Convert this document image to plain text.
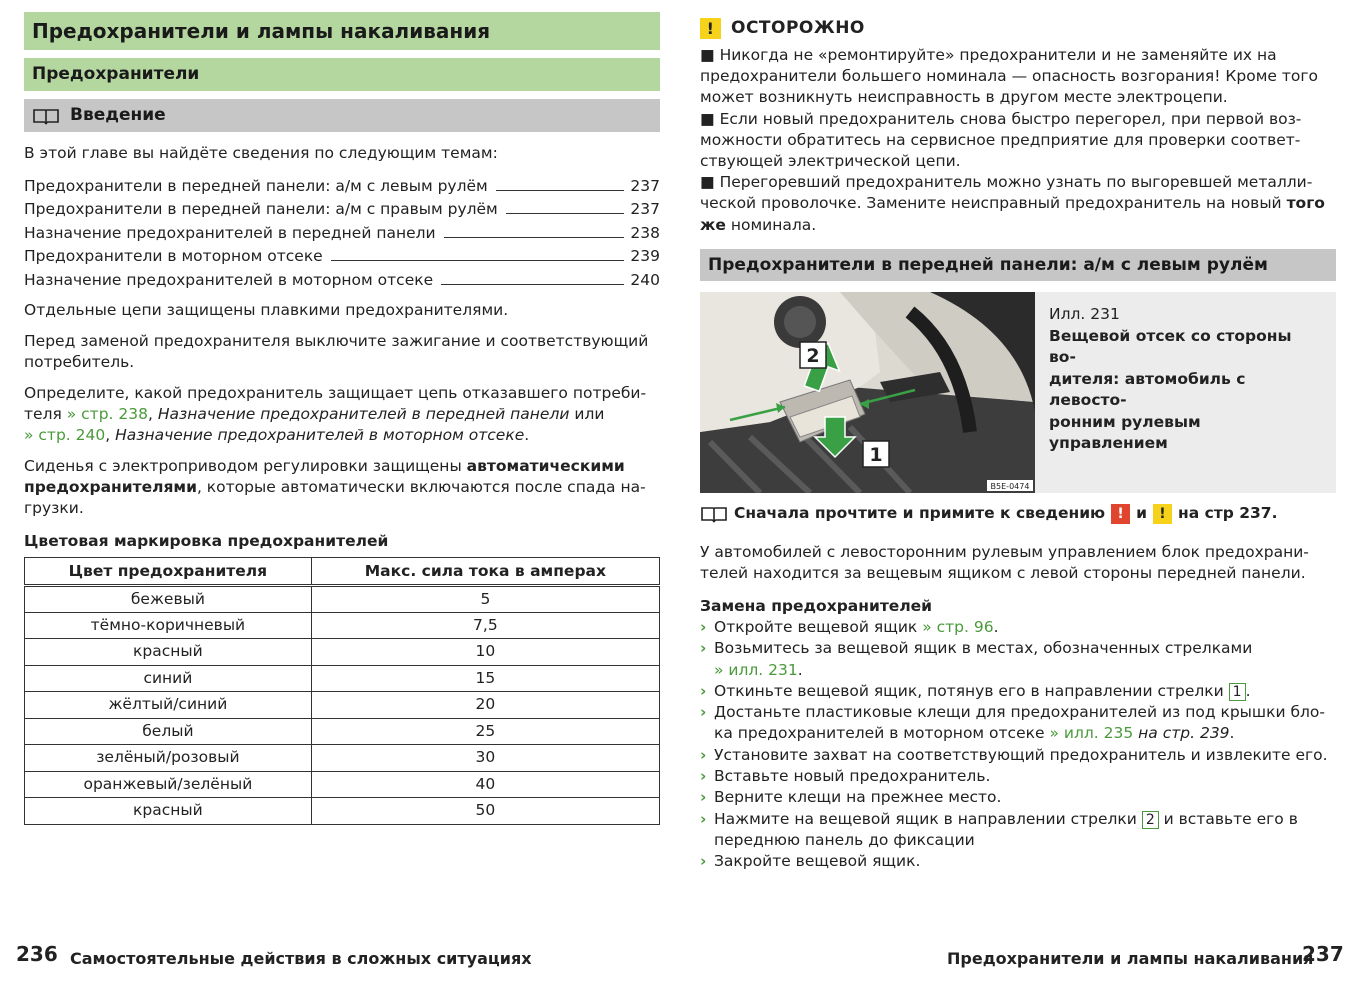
Предохранители и лампы накаливания
Предохранители
Введение
В этой главе вы найдёте сведения по следующим темам:
Предохранители в передней панели: а/м с левым рулём	237
Предохранители в передней панели: а/м с правым рулём	237
Назначение предохранителей в передней панели	238
Предохранители в моторном отсеке	239
Назначение предохранителей в моторном отсеке	240
Отдельные цепи защищены плавкими предохранителями.
Перед заменой предохранителя выключите зажигание и соответствующий потребитель.
Определите, какой предохранитель защищает цепь отказавшего потреби-
теля » стр. 238, Назначение предохранителей в передней панели или
» стр. 240, Назначение предохранителей в моторном отсеке.
Сиденья с электроприводом регулировки защищены автоматическими
предохранителями, которые автоматически включаются после спада на-
грузки.
Цветовая маркировка предохранителей
Цвет предохранителя	Макс. сила тока в амперах
бежевый	5
тёмно-коричневый	7,5
красный	10
синий	15
жёлтый/синий	20
белый	25
зелёный/розовый	30
оранжевый/зелёный	40
красный	50
! ОСТОРОЖНО
■ Никогда не «ремонтируйте» предохранители и не заменяйте их на
предохранители большего номинала — опасность возгорания! Кроме того
может возникнуть неисправность в другом месте электроцепи.
■ Если новый предохранитель снова быстро перегорел, при первой воз-
можности обратитесь на сервисное предприятие для проверки соответ-
ствующей электрической цепи.
■ Перегоревший предохранитель можно узнать по выгоревшей металли-
ческой проволочке. Замените неисправный предохранитель на новый того
же номинала.
Предохранители в передней панели: а/м с левым рулём
2
1
B5E-0474
Илл. 231
Вещевой отсек со стороны во-
дителя: автомобиль с левосто-
ронним рулевым управлением
Сначала прочтите и примите к сведению ! и ! на стр 237.
У автомобилей с левосторонним рулевым управлением блок предохрани-
телей находится за вещевым ящиком с левой стороны передней панели.
Замена предохранителей
› Откройте вещевой ящик » стр. 96.
› Возьмитесь за вещевой ящик в местах, обозначенных стрелками
» илл. 231.
› Откиньте вещевой ящик, потянув его в направлении стрелки 1 .
› Достаньте пластиковые клещи для предохранителей из под крышки бло-
ка предохранителей в моторном отсеке » илл. 235 на стр. 239.
› Установите захват на соответствующий предохранитель и извлеките его.
› Вставьте новый предохранитель.
› Верните клещи на прежнее место.
› Нажмите на вещевой ящик в направлении стрелки 2 и вставьте его в
переднюю панель до фиксации
› Закройте вещевой ящик.
236 Самостоятельные действия в сложных ситуациях	Предохранители и лампы накаливания
237
